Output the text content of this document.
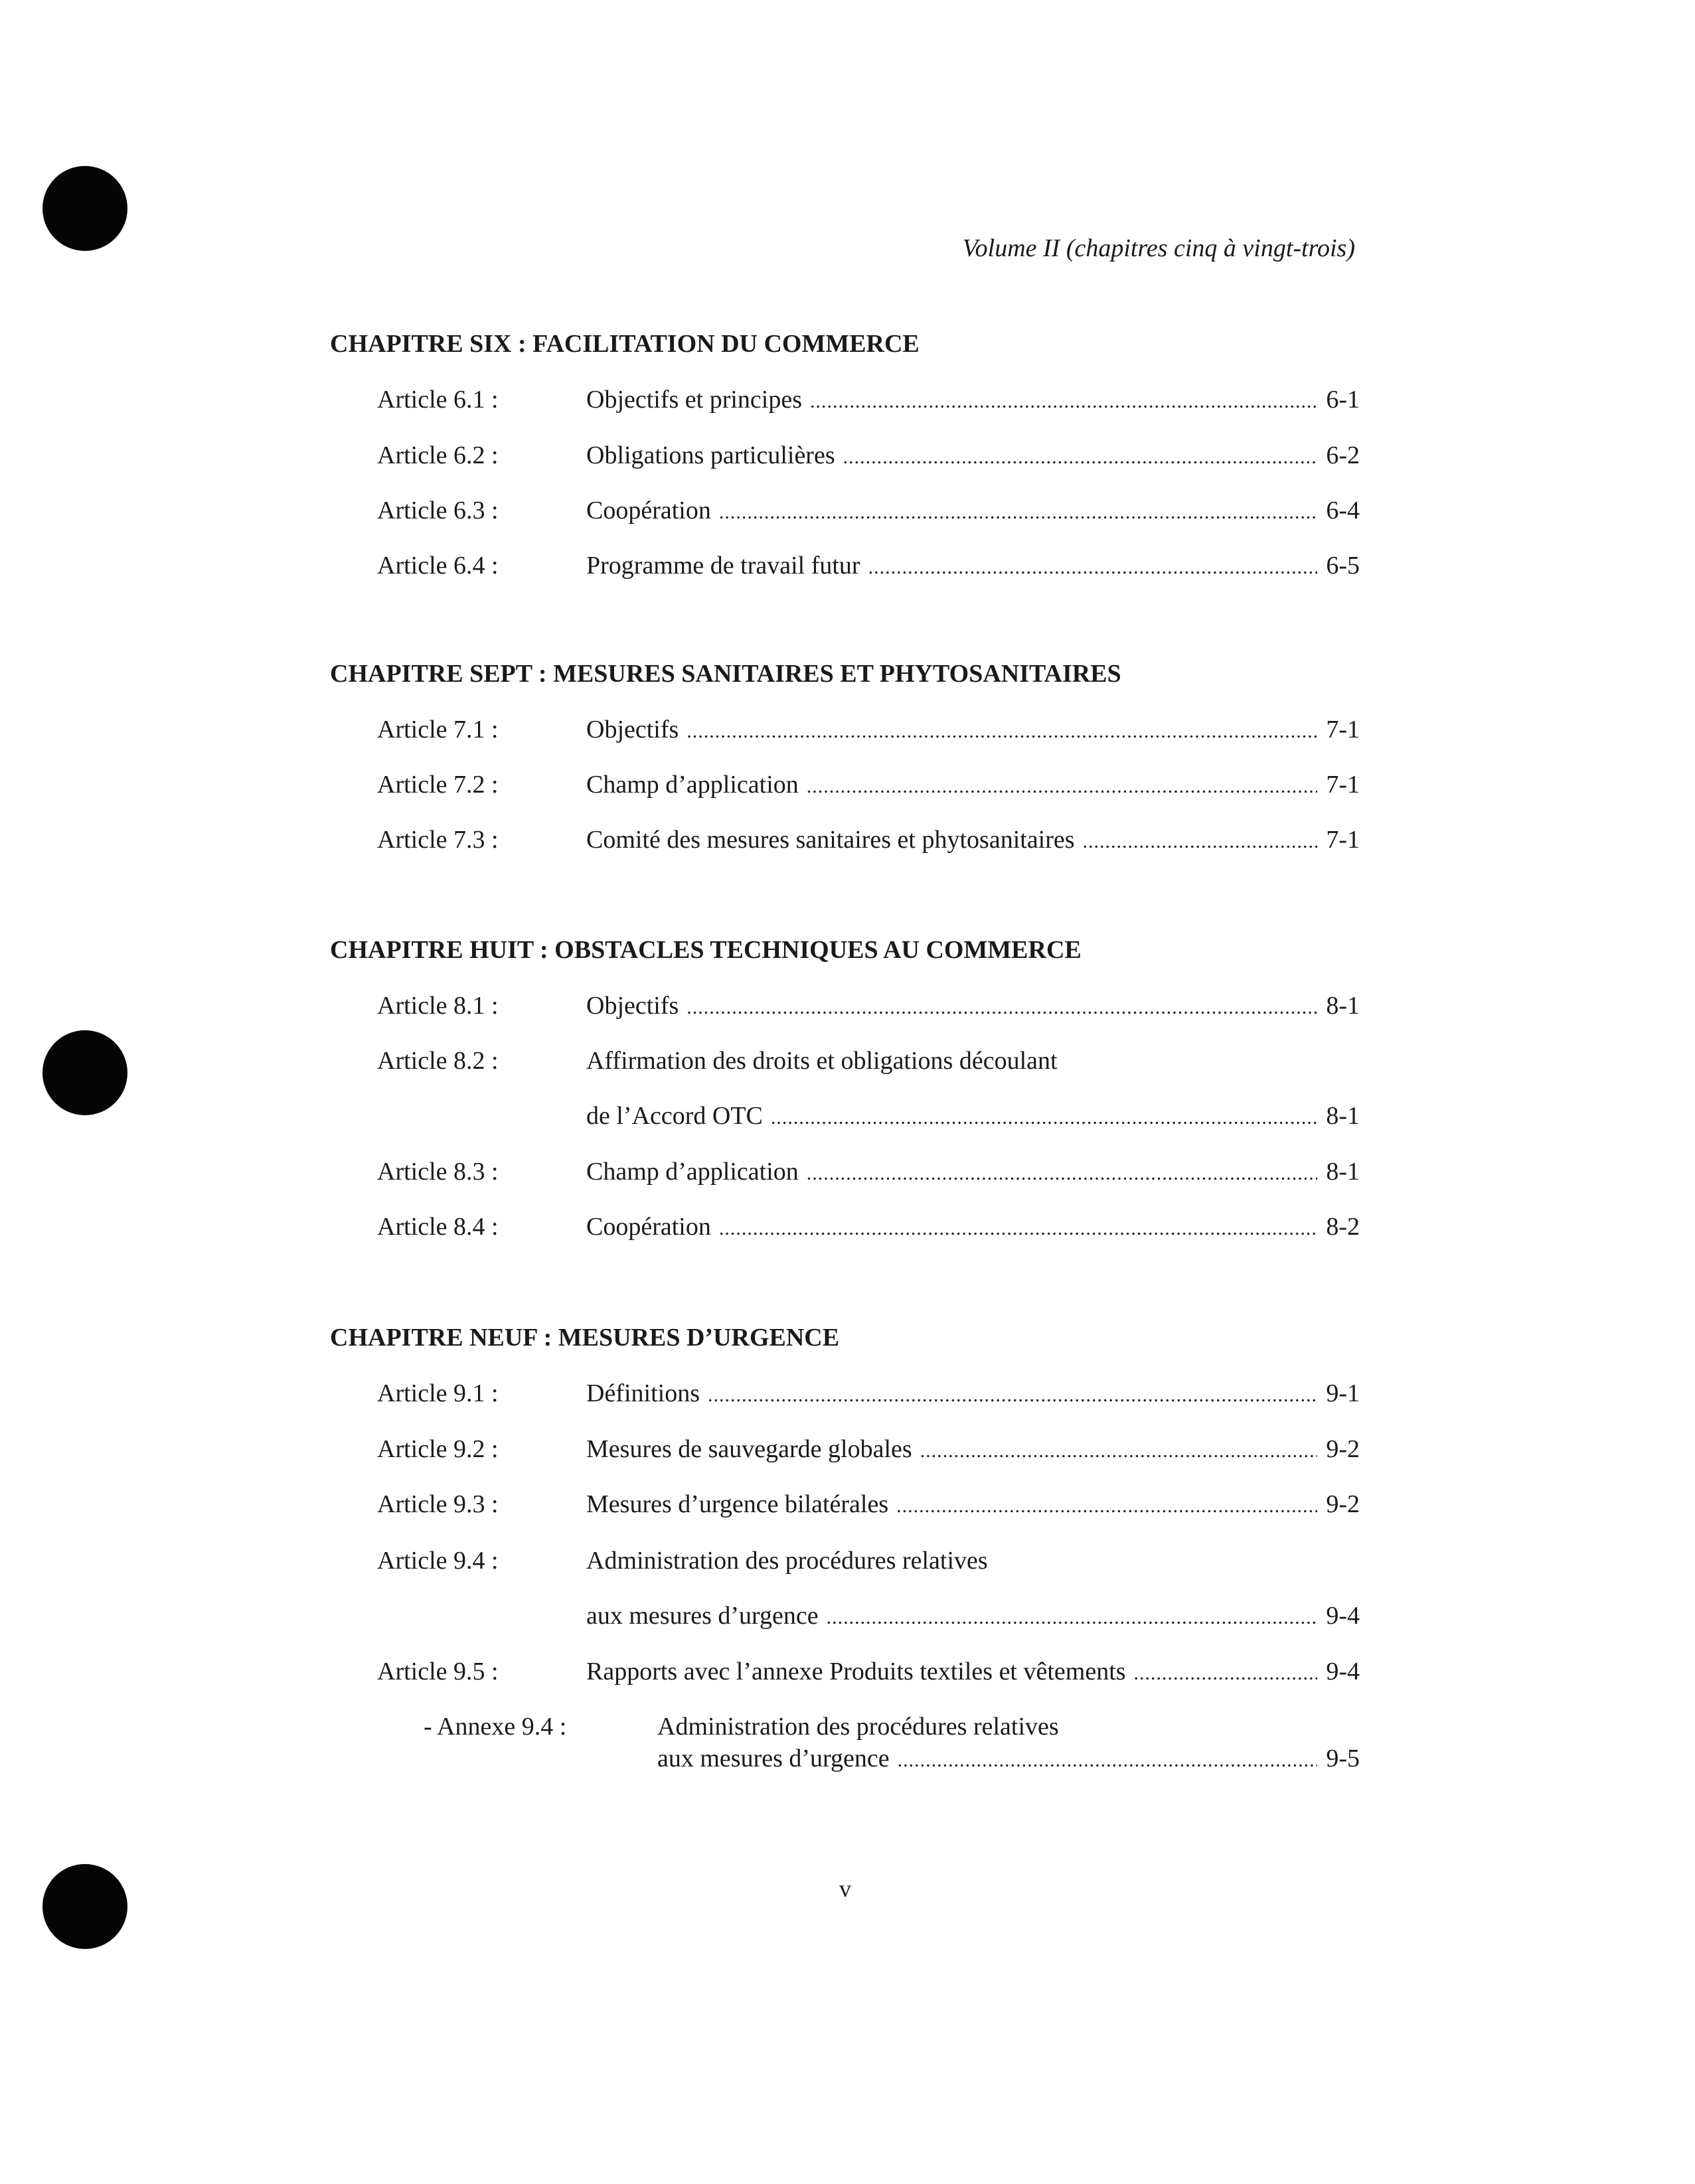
Volume II (chapitres cinq à vingt-trois)
CHAPITRE SIX : FACILITATION DU COMMERCE
Article 6.1 :	Objectifs et principes .....	6-1
Article 6.2 :	Obligations particulières .....	6-2
Article 6.3 :	Coopération .....	6-4
Article 6.4 :	Programme de travail futur .....	6-5
CHAPITRE SEPT : MESURES SANITAIRES ET PHYTOSANITAIRES
Article 7.1 :	Objectifs .....	7-1
Article 7.2 :	Champ d’application .....	7-1
Article 7.3 :	Comité des mesures sanitaires et phytosanitaires .....	7-1
CHAPITRE HUIT : OBSTACLES TECHNIQUES AU COMMERCE
Article 8.1 :	Objectifs .....	8-1
Article 8.2 :	Affirmation des droits et obligations découlant
de l’Accord OTC .....	8-1
Article 8.3 :	Champ d’application .....	8-1
Article 8.4 :	Coopération .....	8-2
CHAPITRE NEUF : MESURES D’URGENCE
Article 9.1 :	Définitions .....	9-1
Article 9.2 :	Mesures de sauvegarde globales .....	9-2
Article 9.3 :	Mesures d’urgence bilatérales .....	9-2
Article 9.4 :	Administration des procédures relatives
aux mesures d’urgence .....	9-4
Article 9.5 :	Rapports avec l’annexe Produits textiles et vêtements .....	9-4
- Annexe 9.4 :	Administration des procédures relatives
aux mesures d’urgence .....	9-5
v
